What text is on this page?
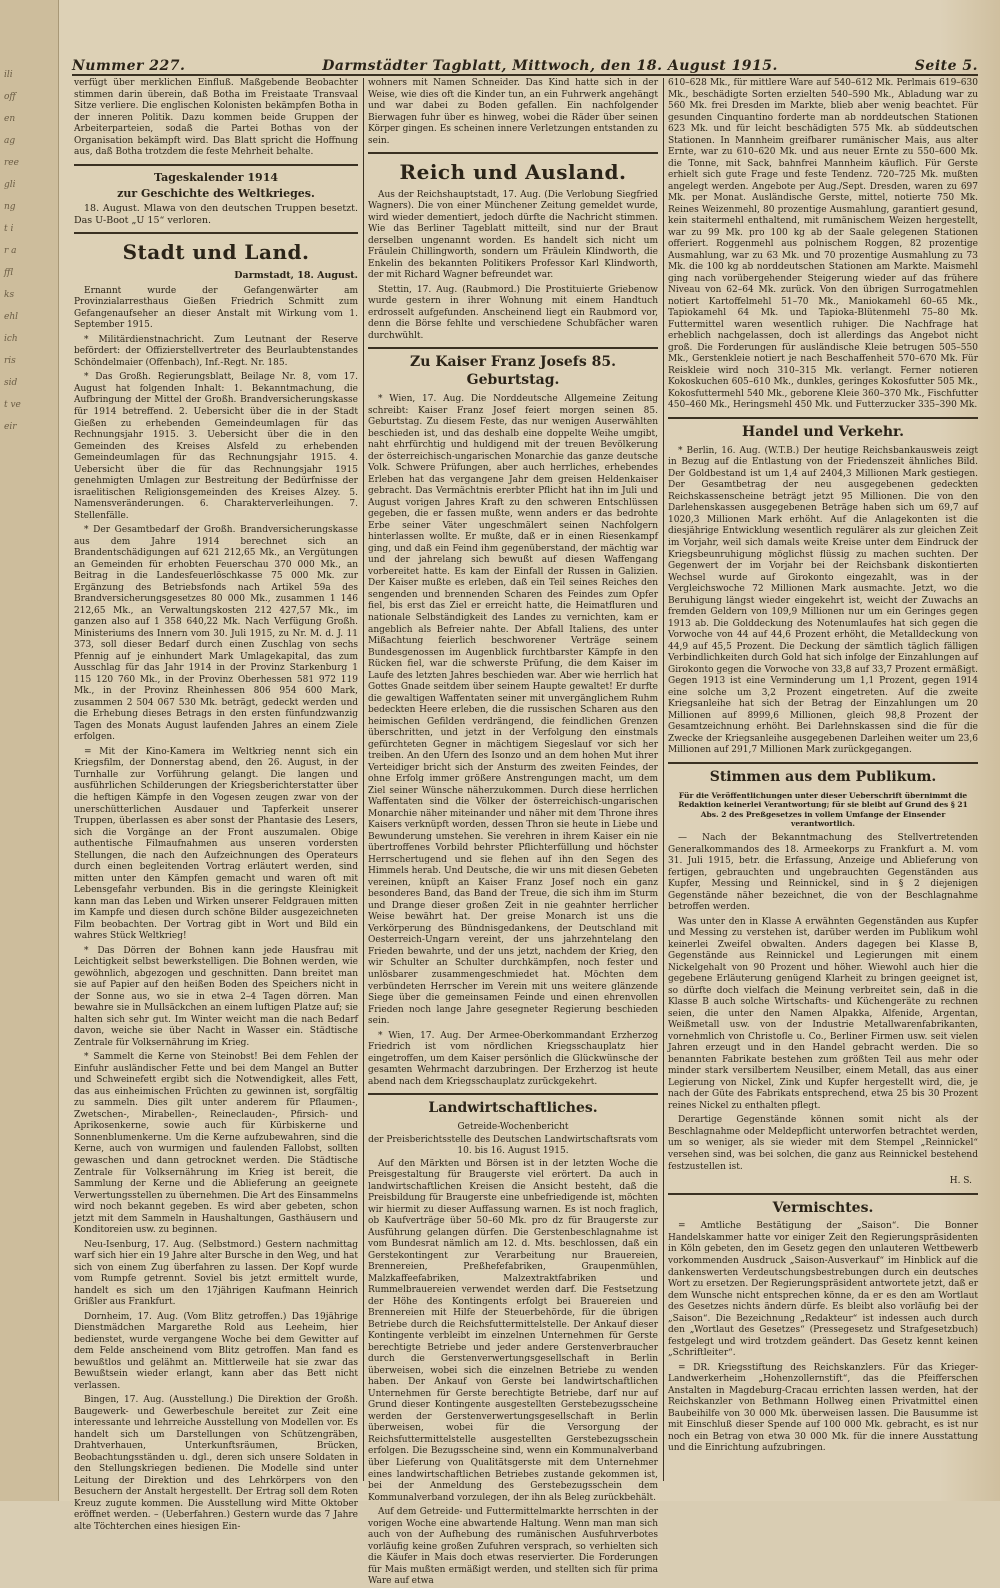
ili
off
en
ag
ree
gli
ng
t i
r a
ffl
ks
ehl
ich
ris
sid
t ve
eir
Nummer 227.	Darmstädter Tagblatt, Mittwoch, den 18. August 1915.	Seite 5.

verfügt über merklichen Einfluß. Maßgebende Beobachter stimmen darin überein, daß Botha im Freistaate Transvaal Sitze verliere. Die englischen Kolonisten bekämpfen Botha in der inneren Politik. Dazu kommen beide Gruppen der Arbeiterparteien, sodaß die Partei Bothas von der Organisation bekämpft wird. Das Blatt spricht die Hoffnung aus, daß Botha trotzdem die feste Mehrheit behalte.

Tageskalender 1914
zur Geschichte des Weltkrieges.

18. August. Mlawa von den deutschen Truppen besetzt. Das U-Boot „U 15“ verloren.

Stadt und Land.
Darmstadt, 18. August.

Ernannt wurde der Gefangenwärter am Provinzialarresthaus Gießen Friedrich Schmitt zum Gefangenaufseher an dieser Anstalt mit Wirkung vom 1. September 1915.

* Militärdienstnachricht. Zum Leutnant der Reserve befördert: der Offizierstellvertreter des Beurlaubtenstandes Schöndelmaier (Offenbach), Inf.-Regt. Nr. 185.

* Das Großh. Regierungsblatt, Beilage Nr. 8, vom 17. August hat folgenden Inhalt: 1. Bekanntmachung, die Aufbringung der Mittel der Großh. Brandversicherungskasse für 1914 betreffend. 2. Uebersicht über die in der Stadt Gießen zu erhebenden Gemeindeumlagen für das Rechnungsjahr 1915. 3. Uebersicht über die in den Gemeinden des Kreises Alsfeld zu erhebenden Gemeindeumlagen für das Rechnungsjahr 1915. 4. Uebersicht über die für das Rechnungsjahr 1915 genehmigten Umlagen zur Bestreitung der Bedürfnisse der israelitischen Religionsgemeinden des Kreises Alzey. 5. Namensveränderungen. 6. Charakterverleihungen. 7. Stellenfälle.

* Der Gesamtbedarf der Großh. Brandversicherungskasse aus dem Jahre 1914 berechnet sich an Brandentschädigungen auf 621 212,65 Mk., an Vergütungen an Gemeinden für erhobten Feuerschau 370 000 Mk., an Beitrag in die Landesfeuerlöschkasse 75 000 Mk. zur Ergänzung des Betriebsfonds nach Artikel 59a des Brandversicherungsgesetzes 80 000 Mk., zusammen 1 146 212,65 Mk., an Verwaltungskosten 212 427,57 Mk., im ganzen also auf 1 358 640,22 Mk. Nach Verfügung Großh. Ministeriums des Innern vom 30. Juli 1915, zu Nr. M. d. J. 11 373, soll dieser Bedarf durch einen Zuschlag von sechs Pfennig auf je einhundert Mark Umlagekapital, das zum Ausschlag für das Jahr 1914 in der Provinz Starkenburg 1 115 120 760 Mk., in der Provinz Oberhessen 581 972 119 Mk., in der Provinz Rheinhessen 806 954 600 Mark, zusammen 2 504 067 530 Mk. beträgt, gedeckt werden und die Erhebung dieses Betrags in den ersten fünfundzwanzig Tagen des Monats August laufenden Jahres an einem Ziele erfolgen.

= Mit der Kino-Kamera im Weltkrieg nennt sich ein Kriegsfilm, der Donnerstag abend, den 26. August, in der Turnhalle zur Vorführung gelangt. Die langen und ausführlichen Schilderungen der Kriegsberichterstatter über die heftigen Kämpfe in den Vogesen zeugen zwar von der unerschütterlichen Ausdauer und Tapferkeit unserer Truppen, überlassen es aber sonst der Phantasie des Lesers, sich die Vorgänge an der Front auszumalen. Obige authentische Filmaufnahmen aus unseren vordersten Stellungen, die nach den Aufzeichnungen des Operateurs durch einen begleitenden Vortrag erläutert werden, sind mitten unter den Kämpfen gemacht und waren oft mit Lebensgefahr verbunden. Bis in die geringste Kleinigkeit kann man das Leben und Wirken unserer Feldgrauen mitten im Kampfe und diesen durch schöne Bilder ausgezeichneten Film beobachten. Der Vortrag gibt in Wort und Bild ein wahres Stück Weltkrieg!

* Das Dörren der Bohnen kann jede Hausfrau mit Leichtigkeit selbst bewerkstelligen. Die Bohnen werden, wie gewöhnlich, abgezogen und geschnitten. Dann breitet man sie auf Papier auf den heißen Boden des Speichers nicht in der Sonne aus, wo sie in etwa 2–4 Tagen dörren. Man bewahre sie in Mullsäckchen an einem luftigen Platze auf; sie halten sich sehr gut. Im Winter weicht man die nach Bedarf davon, weiche sie über Nacht in Wasser ein. Städtische Zentrale für Volksernährung im Krieg.

* Sammelt die Kerne von Steinobst! Bei dem Fehlen der Einfuhr ausländischer Fette und bei dem Mangel an Butter und Schweinefett ergibt sich die Notwendigkeit, alles Fett, das aus einheimischen Früchten zu gewinnen ist, sorgfältig zu sammeln. Dies gilt unter anderem für Pflaumen-, Zwetschen-, Mirabellen-, Reineclauden-, Pfirsich- und Aprikosenkerne, sowie auch für Kürbiskerne und Sonnenblumenkerne. Um die Kerne aufzubewahren, sind die Kerne, auch von wurmigen und faulenden Fallobst, sollten gewaschen und dann getrocknet werden. Die Städtische Zentrale für Volksernährung im Krieg ist bereit, die Sammlung der Kerne und die Ablieferung an geeignete Verwertungsstellen zu übernehmen. Die Art des Einsammelns wird noch bekannt gegeben. Es wird aber gebeten, schon jetzt mit dem Sammeln in Haushaltungen, Gasthäusern und Konditoreien usw. zu beginnen.

Neu-Isenburg, 17. Aug. (Selbstmord.) Gestern nachmittag warf sich hier ein 19 Jahre alter Bursche in den Weg, und hat sich von einem Zug überfahren zu lassen. Der Kopf wurde vom Rumpfe getrennt. Soviel bis jetzt ermittelt wurde, handelt es sich um den 17jährigen Kaufmann Heinrich Grißler aus Frankfurt.

Dornheim, 17. Aug. (Vom Blitz getroffen.) Das 19jährige Dienstmädchen Margarethe Rold aus Leeheim, hier bedienstet, wurde vergangene Woche bei dem Gewitter auf dem Felde anscheinend vom Blitz getroffen. Man fand es bewußtlos und gelähmt an. Mittlerweile hat sie zwar das Bewußtsein wieder erlangt, kann aber das Bett nicht verlassen.

Bingen, 17. Aug. (Ausstellung.) Die Direktion der Großh. Baugewerk- und Gewerbeschule bereitet zur Zeit eine interessante und lehrreiche Ausstellung von Modellen vor. Es handelt sich um Darstellungen von Schützengräben, Drahtverhauen, Unterkunftsräumen, Brücken, Beobachtungsständen u. dgl., deren sich unsere Soldaten in den Stellungskriegen bedienen. Die Modelle sind unter Leitung der Direktion und des Lehrkörpers von den Besuchern der Anstalt hergestellt. Der Ertrag soll dem Roten Kreuz zugute kommen. Die Ausstellung wird Mitte Oktober eröffnet werden. – (Ueberfahren.) Gestern wurde das 7 Jahre alte Töchterchen eines hiesigen Ein-

wohners mit Namen Schneider. Das Kind hatte sich in der Weise, wie dies oft die Kinder tun, an ein Fuhrwerk angehängt und war dabei zu Boden gefallen. Ein nachfolgender Bierwagen fuhr über es hinweg, wobei die Räder über seinen Körper gingen. Es scheinen innere Verletzungen entstanden zu sein.

Reich und Ausland.

Aus der Reichshauptstadt, 17. Aug. (Die Verlobung Siegfried Wagners). Die von einer Münchener Zeitung gemeldet wurde, wird wieder dementiert, jedoch dürfte die Nachricht stimmen. Wie das Berliner Tageblatt mitteilt, sind nur der Braut derselben ungenannt worden. Es handelt sich nicht um Fräulein Chillingworth, sondern um Fräulein Klindworth, die Enkelin des bekannten Politikers Professor Karl Klindworth, der mit Richard Wagner befreundet war.

Stettin, 17. Aug. (Raubmord.) Die Prostituierte Griebenow wurde gestern in ihrer Wohnung mit einem Handtuch erdrosselt aufgefunden. Anscheinend liegt ein Raubmord vor, denn die Börse fehlte und verschiedene Schubfächer waren durchwühlt.

Zu Kaiser Franz Josefs 85. Geburtstag.

* Wien, 17. Aug. Die Norddeutsche Allgemeine Zeitung schreibt: Kaiser Franz Josef feiert morgen seinen 85. Geburtstag. Zu diesem Feste, das nur wenigen Auserwählten beschieden ist, und das deshalb eine doppelte Weihe umgibt, naht ehrfürchtig und huldigend mit der treuen Bevölkerung der österreichisch-ungarischen Monarchie das ganze deutsche Volk. Schwere Prüfungen, aber auch herrliches, erhebendes Erleben hat das vergangene Jahr dem greisen Heldenkaiser gebracht. Das Vermächtnis ererbter Pflicht hat ihn im Juli und August vorigen Jahres Kraft zu den schweren Entschlüssen gegeben, die er fassen mußte, wenn anders er das bedrohte Erbe seiner Väter ungeschmälert seinen Nachfolgern hinterlassen wollte. Er mußte, daß er in einen Riesenkampf ging, und daß ein Feind ihm gegenüberstand, der mächtig war und der jahrelang sich bewußt auf diesen Waffengang vorbereitet hatte. Es kam der Einfall der Russen in Galizien. Der Kaiser mußte es erleben, daß ein Teil seines Reiches den sengenden und brennenden Scharen des Feindes zum Opfer fiel, bis erst das Ziel er erreicht hatte, die Heimatfluren und nationale Selbständigkeit des Landes zu vernichten, kam er angeblich als Befreier nahte. Der Abfall Italiens, des unter Mißachtung feierlich beschworener Verträge seinem Bundesgenossen im Augenblick furchtbarster Kämpfe in den Rücken fiel, war die schwerste Prüfung, die dem Kaiser im Laufe des letzten Jahres beschieden war. Aber wie herrlich hat Gottes Gnade seitdem über seinem Haupte gewaltet! Er durfte die gewaltigen Waffentaten seiner mit unvergänglichem Ruhm bedeckten Heere erleben, die die russischen Scharen aus den heimischen Gefilden verdrängend, die feindlichen Grenzen überschritten, und jetzt in der Verfolgung den einstmals gefürchteten Gegner in mächtigem Siegeslauf vor sich her treiben. An den Ufern des Isonzo und an dem hohen Mut ihrer Verteidiger bricht sich der Ansturm des zweiten Feindes, der ohne Erfolg immer größere Anstrengungen macht, um dem Ziel seiner Wünsche näherzukommen. Durch diese herrlichen Waffentaten sind die Völker der österreichisch-ungarischen Monarchie näher miteinander und näher mit dem Throne ihres Kaisers verknüpft worden, dessen Thron sie heute in Liebe und Bewunderung umstehen. Sie verehren in ihrem Kaiser ein nie übertroffenes Vorbild behrster Pflichterfüllung und höchster Herrschertugend und sie flehen auf ihn den Segen des Himmels herab. Und Deutsche, die wir uns mit diesen Gebeten vereinen, knüpft an Kaiser Franz Josef noch ein ganz besonderes Band, das Band der Treue, die sich ihm im Sturm und Drange dieser großen Zeit in nie geahnter herrlicher Weise bewährt hat. Der greise Monarch ist uns die Verkörperung des Bündnisgedankens, der Deutschland mit Oesterreich-Ungarn vereint, der uns jahrzehntelang den Frieden bewahrte, und der uns jetzt, nachdem der Krieg, den wir Schulter an Schulter durchkämpfen, noch fester und unlösbarer zusammengeschmiedet hat. Möchten dem verbündeten Herrscher im Verein mit uns weitere glänzende Siege über die gemeinsamen Feinde und einen ehrenvollen Frieden noch lange Jahre gesegneter Regierung beschieden sein.

* Wien, 17. Aug. Der Armee-Oberkommandant Erzherzog Friedrich ist vom nördlichen Kriegsschauplatz hier eingetroffen, um dem Kaiser persönlich die Glückwünsche der gesamten Wehrmacht darzubringen. Der Erzherzog ist heute abend nach dem Kriegsschauplatz zurückgekehrt.

Landwirtschaftliches.
Getreide-Wochenbericht
der Preisberichtsstelle des Deutschen Landwirtschaftsrats vom 10. bis 16. August 1915.

Auf den Märkten und Börsen ist in der letzten Woche die Preisgestaltung für Braugerste viel erörtert. Da auch in landwirtschaftlichen Kreisen die Ansicht besteht, daß die Preisbildung für Braugerste eine unbefriedigende ist, möchten wir hiermit zu dieser Auffassung warnen. Es ist noch fraglich, ob Kaufverträge über 50–60 Mk. pro dz für Braugerste zur Ausführung gelangen dürfen. Die Gerstenbeschlagnahme ist vom Bundesrat nämlich am 12. d. Mts. beschlossen, daß ein Gerstekontingent zur Verarbeitung nur Brauereien, Brennereien, Preßhefefabriken, Graupenmühlen, Malzkaffeefabriken, Malzextraktfabriken und Rummelbrauereien verwendet werden darf. Die Festsetzung der Höhe des Kontingents erfolgt bei Brauereien und Brennereien mit Hilfe der Steuerbehörde, für die übrigen Betriebe durch die Reichsfuttermittelstelle. Der Ankauf dieser Kontingente verbleibt im einzelnen Unternehmen für Gerste berechtigte Betriebe und jeder andere Gerstenverbraucher durch die Gerstenverwertungsgesellschaft in Berlin überweisen, wobei sich die einzelnen Betriebe zu wenden haben. Der Ankauf von Gerste bei landwirtschaftlichen Unternehmen für Gerste berechtigte Betriebe, darf nur auf Grund dieser Kontingente ausgestellten Gerstebezugsscheine werden der Gerstenverwertungsgesellschaft in Berlin überweisen, wobei für die Versorgung der Reichsfuttermittelstelle ausgestellten Gerstebezugsschein erfolgen. Die Bezugsscheine sind, wenn ein Kommunalverband über Lieferung von Qualitätsgerste mit dem Unternehmer eines landwirtschaftlichen Betriebes zustande gekommen ist, bei der Anmeldung des Gerstebezugsschein dem Kommunalverband vorzulegen, der ihn als Beleg zurückbehält.

Auf dem Getreide- und Futtermittelmarkte herrschten in der vorigen Woche eine abwartende Haltung. Wenn man man sich auch von der Aufhebung des rumänischen Ausfuhrverbotes vorläufig keine großen Zufuhren versprach, so verhielten sich die Käufer in Mais doch etwas reservierter. Die Forderungen für Mais mußten ermäßigt werden, und stellten sich für prima Ware auf etwa

610–628 Mk., für mittlere Ware auf 540–612 Mk. Perlmais 619–630 Mk., beschädigte Sorten erzielten 540–590 Mk., Abladung war zu 560 Mk. frei Dresden im Markte, blieb aber wenig beachtet. Für gesunden Cinquantino forderte man ab norddeutschen Stationen 623 Mk. und für leicht beschädigten 575 Mk. ab süddeutschen Stationen. In Mannheim greifbarer rumänischer Mais, aus alter Ernte, war zu 610–620 Mk. und aus neuer Ernte zu 550–600 Mk. die Tonne, mit Sack, bahnfrei Mannheim käuflich. Für Gerste erhielt sich gute Frage und feste Tendenz. 720–725 Mk. mußten angelegt werden. Angebote per Aug./Sept. Dresden, waren zu 697 Mk. per Monat. Ausländische Gerste, mittel, notierte 750 Mk. Reines Weizenmehl, 80 prozentige Ausmahlung, garantiert gesund, kein staitermehl enthaltend, mit rumänischem Weizen hergestellt, war zu 99 Mk. pro 100 kg ab der Saale gelegenen Stationen offeriert. Roggenmehl aus polnischem Roggen, 82 prozentige Ausmahlung, war zu 63 Mk. und 70 prozentige Ausmahlung zu 73 Mk. die 100 kg ab norddeutschen Stationen am Markte. Maismehl ging nach vorübergehender Steigerung wieder auf das frühere Niveau von 62–64 Mk. zurück. Von den übrigen Surrogatmehlen notiert Kartoffelmehl 51–70 Mk., Maniokamehl 60–65 Mk., Tapiokamehl 64 Mk. und Tapioka-Blütenmehl 75–80 Mk. Futtermittel waren wesentlich ruhiger. Die Nachfrage hat erheblich nachgelassen, doch ist allerdings das Angebot nicht groß. Die Forderungen für ausländische Kleie betrugen 505–550 Mk., Gerstenkleie notiert je nach Beschaffenheit 570–670 Mk. Für Reiskleie wird noch 310–315 Mk. verlangt. Ferner notieren Kokoskuchen 605–610 Mk., dunkles, geringes Kokosfutter 505 Mk., Kokosfuttermehl 540 Mk., geborene Kleie 360–370 Mk., Fischfutter 450–460 Mk., Heringsmehl 450 Mk. und Futterzucker 335–390 Mk.

Handel und Verkehr.

* Berlin, 16. Aug. (W.T.B.) Der heutige Reichsbankausweis zeigt in Bezug auf die Entlastung von der Friedenszeit ähnliches Bild. Der Goldbestand ist um 1,4 auf 2404,3 Millionen Mark gestiegen. Der Gesamtbetrag der neu ausgegebenen gedeckten Reichskassenscheine beträgt jetzt 95 Millionen. Die von den Darlehenskassen ausgegebenen Beträge haben sich um 69,7 auf 1020,3 Millionen Mark erhöht. Auf die Anlagekonten ist die diesjährige Entwicklung wesentlich regulärer als zur gleichen Zeit im Vorjahr, weil sich damals weite Kreise unter dem Eindruck der Kriegsbeunruhigung möglichst flüssig zu machen suchten. Der Gegenwert der im Vorjahr bei der Reichsbank diskontierten Wechsel wurde auf Girokonto eingezahlt, was in der Vergleichswoche 72 Millionen Mark ausmachte. Jetzt, wo die Beruhigung längst wieder eingekehrt ist, weicht der Zuwachs an fremden Geldern von 109,9 Millionen nur um ein Geringes gegen 1913 ab. Die Golddeckung des Notenumlaufes hat sich gegen die Vorwoche von 44 auf 44,6 Prozent erhöht, die Metalldeckung von 44,9 auf 45,5 Prozent. Die Deckung der sämtlich täglich fälligen Verbindlichkeiten durch Gold hat sich infolge der Einzahlungen auf Girokonto gegen die Vorwoche von 33,8 auf 33,7 Prozent ermäßigt. Gegen 1913 ist eine Verminderung um 1,1 Prozent, gegen 1914 eine solche um 3,2 Prozent eingetreten. Auf die zweite Kriegsanleihe hat sich der Betrag der Einzahlungen um 20 Millionen auf 8999,6 Millionen, gleich 98,8 Prozent der Gesamtzeichnung erhöht. Bei Darlehnskassen sind die für die Zwecke der Kriegsanleihe ausgegebenen Darleihen weiter um 23,6 Millionen auf 291,7 Millionen Mark zurückgegangen.

Stimmen aus dem Publikum.
Für die Veröffentlichungen unter dieser Ueberschrift übernimmt die Redaktion keinerlei Verantwortung; für sie bleibt auf Grund des § 21 Abs. 2 des Preßgesetzes in vollem Umfange der Einsender verantwortlich.

— Nach der Bekanntmachung des Stellvertretenden Generalkommandos des 18. Armeekorps zu Frankfurt a. M. vom 31. Juli 1915, betr. die Erfassung, Anzeige und Ablieferung von fertigen, gebrauchten und ungebrauchten Gegenständen aus Kupfer, Messing und Reinnickel, sind in § 2 diejenigen Gegenstände näher bezeichnet, die von der Beschlagnahme betroffen werden.

Was unter den in Klasse A erwähnten Gegenständen aus Kupfer und Messing zu verstehen ist, darüber werden im Publikum wohl keinerlei Zweifel obwalten. Anders dagegen bei Klasse B, Gegenstände aus Reinnickel und Legierungen mit einem Nickelgehalt von 90 Prozent und höher. Wiewohl auch hier die gegebene Erläuterung genügend Klarheit zu bringen geeignet ist, so dürfte doch vielfach die Meinung verbreitet sein, daß in die Klasse B auch solche Wirtschafts- und Küchengeräte zu rechnen seien, die unter den Namen Alpakka, Alfenide, Argentan, Weißmetall usw. von der Industrie Metallwarenfabrikanten, vornehmlich von Christofle u. Co., Berliner Firmen usw. seit vielen Jahren erzeugt und in den Handel gebracht werden. Die so benannten Fabrikate bestehen zum größten Teil aus mehr oder minder stark versilbertem Neusilber, einem Metall, das aus einer Legierung von Nickel, Zink und Kupfer hergestellt wird, die, je nach der Güte des Fabrikats entsprechend, etwa 25 bis 30 Prozent reines Nickel zu enthalten pflegt.

Derartige Gegenstände können somit nicht als der Beschlagnahme oder Meldepflicht unterworfen betrachtet werden, um so weniger, als sie wieder mit dem Stempel „Reinnickel“ versehen sind, was bei solchen, die ganz aus Reinnickel bestehend festzustellen ist.

H. S.
Vermischtes.

= Amtliche Bestätigung der „Saison“. Die Bonner Handelskammer hatte vor einiger Zeit den Regierungspräsidenten in Köln gebeten, den im Gesetz gegen den unlauteren Wettbewerb vorkommenden Ausdruck „Saison-Ausverkauf“ im Hinblick auf die dankenswerten Verdeutschungsbestrebungen durch ein deutsches Wort zu ersetzen. Der Regierungspräsident antwortete jetzt, daß er dem Wunsche nicht entsprechen könne, da er es den am Wortlaut des Gesetzes nichts ändern dürfe. Es bleibt also vorläufig bei der „Saison“. Die Bezeichnung „Redakteur“ ist indessen auch durch den „Wortlaut des Gesetzes“ (Pressegesetz und Strafgesetzbuch) festgelegt und wird trotzdem geändert. Das Gesetz kennt keinen „Schriftleiter“.

= DR. Kriegsstiftung des Reichskanzlers. Für das Krieger-Landwerkerheim „Hohenzollernstift“, das die Pfeifferschen Anstalten in Magdeburg-Cracau errichten lassen werden, hat der Reichskanzler von Bethmann Hollweg einen Privatmittel einen Baubeihilfe von 30 000 Mk. überweisen lassen. Die Bausumme ist mit Einschluß dieser Spende auf 100 000 Mk. gebracht, es ist nur noch ein Betrag von etwa 30 000 Mk. für die innere Ausstattung und die Einrichtung aufzubringen.
